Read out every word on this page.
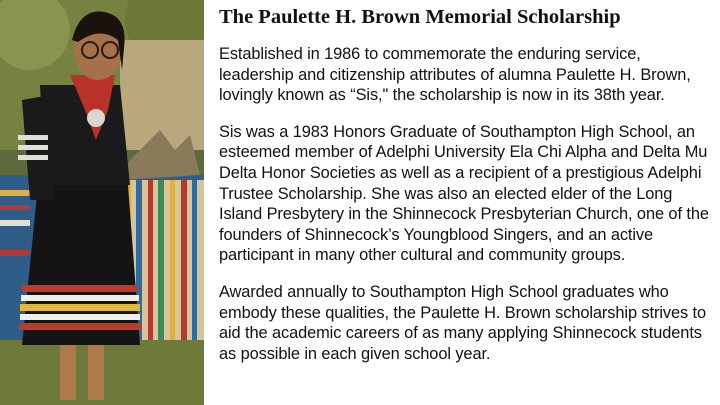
The Paulette H. Brown Memorial Scholarship

Established in 1986 to commemorate the enduring service, leadership and citizenship attributes of alumna Paulette H. Brown, lovingly known as “Sis," the scholarship is now in its 38th year.

Sis was a 1983 Honors Graduate of Southampton High School, an esteemed member of Adelphi University Ela Chi Alpha and Delta Mu Delta Honor Societies as well as a recipient of a prestigious Adelphi Trustee Scholarship. She was also an elected elder of the Long Island Presbytery in the Shinnecock Presbyterian Church, one of the founders of Shinnecock’s Youngblood Singers, and an active participant in many other cultural and community groups.

Awarded annually to Southampton High School graduates who embody these qualities, the Paulette H. Brown scholarship strives to aid the academic careers of as many applying Shinnecock students as possible in each given school year.
